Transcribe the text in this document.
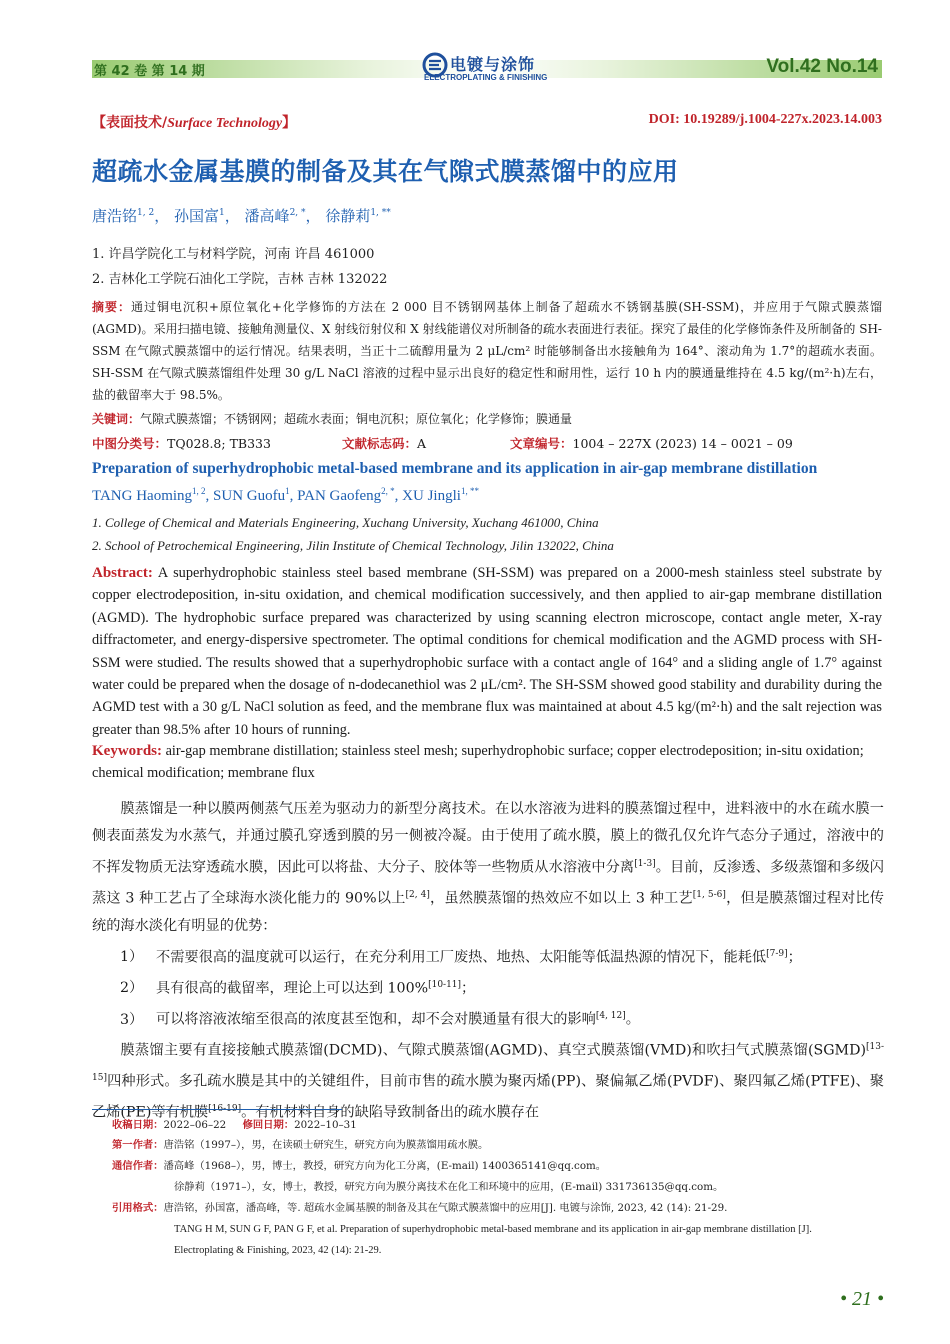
第 42 卷 第 14 期	电镀与涂饰
ELECTROPLATING & FINISHING
Vol.42 No.14
【表面技术/Surface Technology】	DOI: 10.19289/j.1004-227x.2023.14.003
超疏水金属基膜的制备及其在气隙式膜蒸馏中的应用
唐浩铭$^{1, 2}$， 孙国富$^1$， 潘高峰$^{2, *}$， 徐静莉$^{1, **}$
1. 许昌学院化工与材料学院，河南 许昌 461000
2. 吉林化工学院石油化工学院，吉林 吉林 132022
摘要：通过铜电沉积+原位氧化+化学修饰的方法在 2 000 目不锈钢网基体上制备了超疏水不锈钢基膜(SH-SSM)，并应用于气隙式膜蒸馏(AGMD)。采用扫描电镜、接触角测量仪、X 射线衍射仪和 X 射线能谱仪对所制备的疏水表面进行表征。探究了最佳的化学修饰条件及所制备的 SH-SSM 在气隙式膜蒸馏中的运行情况。结果表明，当正十二硫醇用量为 2 μL/cm² 时能够制备出水接触角为 164°、滚动角为 1.7°的超疏水表面。SH-SSM 在气隙式膜蒸馏组件处理 30 g/L NaCl 溶液的过程中显示出良好的稳定性和耐用性，运行 10 h 内的膜通量维持在 4.5 kg/(m²·h)左右，盐的截留率大于 98.5%。
关键词：气隙式膜蒸馏；不锈钢网；超疏水表面；铜电沉积；原位氧化；化学修饰；膜通量
中图分类号：TQ028.8; TB333	文献标志码：A	文章编号：1004 – 227X (2023) 14 – 0021 – 09
Preparation of superhydrophobic metal-based membrane and its application in air-gap membrane distillation
TANG Haoming$^{1, 2}$, SUN Guofu$^1$, PAN Gaofeng$^{2, *}$, XU Jingli$^{1, **}$
1. College of Chemical and Materials Engineering, Xuchang University, Xuchang 461000, China
2. School of Petrochemical Engineering, Jilin Institute of Chemical Technology, Jilin 132022, China
Abstract: A superhydrophobic stainless steel based membrane (SH-SSM) was prepared on a 2000-mesh stainless steel substrate by copper electrodeposition, in-situ oxidation, and chemical modification successively, and then applied to air-gap membrane distillation (AGMD). The hydrophobic surface prepared was characterized by using scanning electron microscope, contact angle meter, X-ray diffractometer, and energy-dispersive spectrometer. The optimal conditions for chemical modification and the AGMD process with SH-SSM were studied. The results showed that a superhydrophobic surface with a contact angle of 164° and a sliding angle of 1.7° against water could be prepared when the dosage of n-dodecanethiol was 2 μL/cm². The SH-SSM showed good stability and durability during the AGMD test with a 30 g/L NaCl solution as feed, and the membrane flux was maintained at about 4.5 kg/(m²·h) and the salt rejection was greater than 98.5% after 10 hours of running.
Keywords: air-gap membrane distillation; stainless steel mesh; superhydrophobic surface; copper electrodeposition; in-situ oxidation; chemical modification; membrane flux

膜蒸馏是一种以膜两侧蒸气压差为驱动力的新型分离技术。在以水溶液为进料的膜蒸馏过程中，进料液中的水在疏水膜一侧表面蒸发为水蒸气，并通过膜孔穿透到膜的另一侧被冷凝。由于使用了疏水膜，膜上的微孔仅允许气态分子通过，溶液中的不挥发物质无法穿透疏水膜，因此可以将盐、大分子、胶体等一些物质从水溶液中分离[1-3]。目前，反渗透、多级蒸馏和多级闪蒸这 3 种工艺占了全球海水淡化能力的 90%以上[2, 4]，虽然膜蒸馏的热效应不如以上 3 种工艺[1, 5-6]，但是膜蒸馏过程对比传统的海水淡化有明显的优势：

1） 不需要很高的温度就可以运行，在充分利用工厂废热、地热、太阳能等低温热源的情况下，能耗低[7-9]；

2） 具有很高的截留率，理论上可以达到 100%[10-11]；

3） 可以将溶液浓缩至很高的浓度甚至饱和，却不会对膜通量有很大的影响[4, 12]。

膜蒸馏主要有直接接触式膜蒸馏(DCMD)、气隙式膜蒸馏(AGMD)、真空式膜蒸馏(VMD)和吹扫气式膜蒸馏(SGMD)[13-15]四种形式。多孔疏水膜是其中的关键组件，目前市售的疏水膜为聚丙烯(PP)、聚偏氟乙烯(PVDF)、聚四氟乙烯(PTFE)、聚乙烯(PE)等有机膜[16-19]。有机材料自身的缺陷导致制备出的疏水膜存在

收稿日期：2022–06–22 修回日期：2022–10–31
第一作者：唐浩铭（1997–），男，在读硕士研究生，研究方向为膜蒸馏用疏水膜。
通信作者：潘高峰（1968–），男，博士，教授，研究方向为化工分离，(E-mail) 1400365141@qq.com。
徐静莉（1971–），女，博士，教授，研究方向为膜分离技术在化工和环境中的应用，(E-mail) 331736135@qq.com。
引用格式：唐浩铭，孙国富，潘高峰，等. 超疏水金属基膜的制备及其在气隙式膜蒸馏中的应用[J]. 电镀与涂饰, 2023, 42 (14): 21-29.
TANG H M, SUN G F, PAN G F, et al. Preparation of superhydrophobic metal-based membrane and its application in air-gap membrane distillation [J].
Electroplating & Finishing, 2023, 42 (14): 21-29.
• 21 •
